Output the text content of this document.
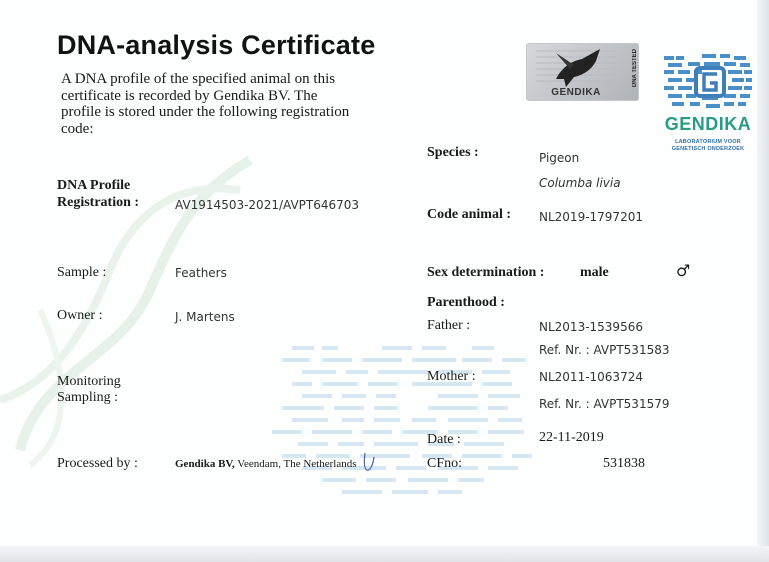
DNA-analysis Certificate
A DNA profile of the specified animal on this certificate is recorded by Gendika BV. The profile is stored under the following registration code:
GENDIKA
DNA TESTED
GENDIKA
LABORATORIUM VOOR GENETISCH ONDERZOEK
DNA Profile Registration :	AV1914503-2021/AVPT646703
Sample :	Feathers
Owner :	J. Martens
Monitoring Sampling :
Processed by :	Gendika BV, Veendam, The Netherlands
Species :	Pigeon
Columba livia
Code animal : NL2019-1797201
Sex determination :	male	♂
Parenthood :
Father :	NL2013-1539566
Ref. Nr. : AVPT531583
Mother :	NL2011-1063724
Ref. Nr. : AVPT531579
Date :	22-11-2019
CFno:	531838
